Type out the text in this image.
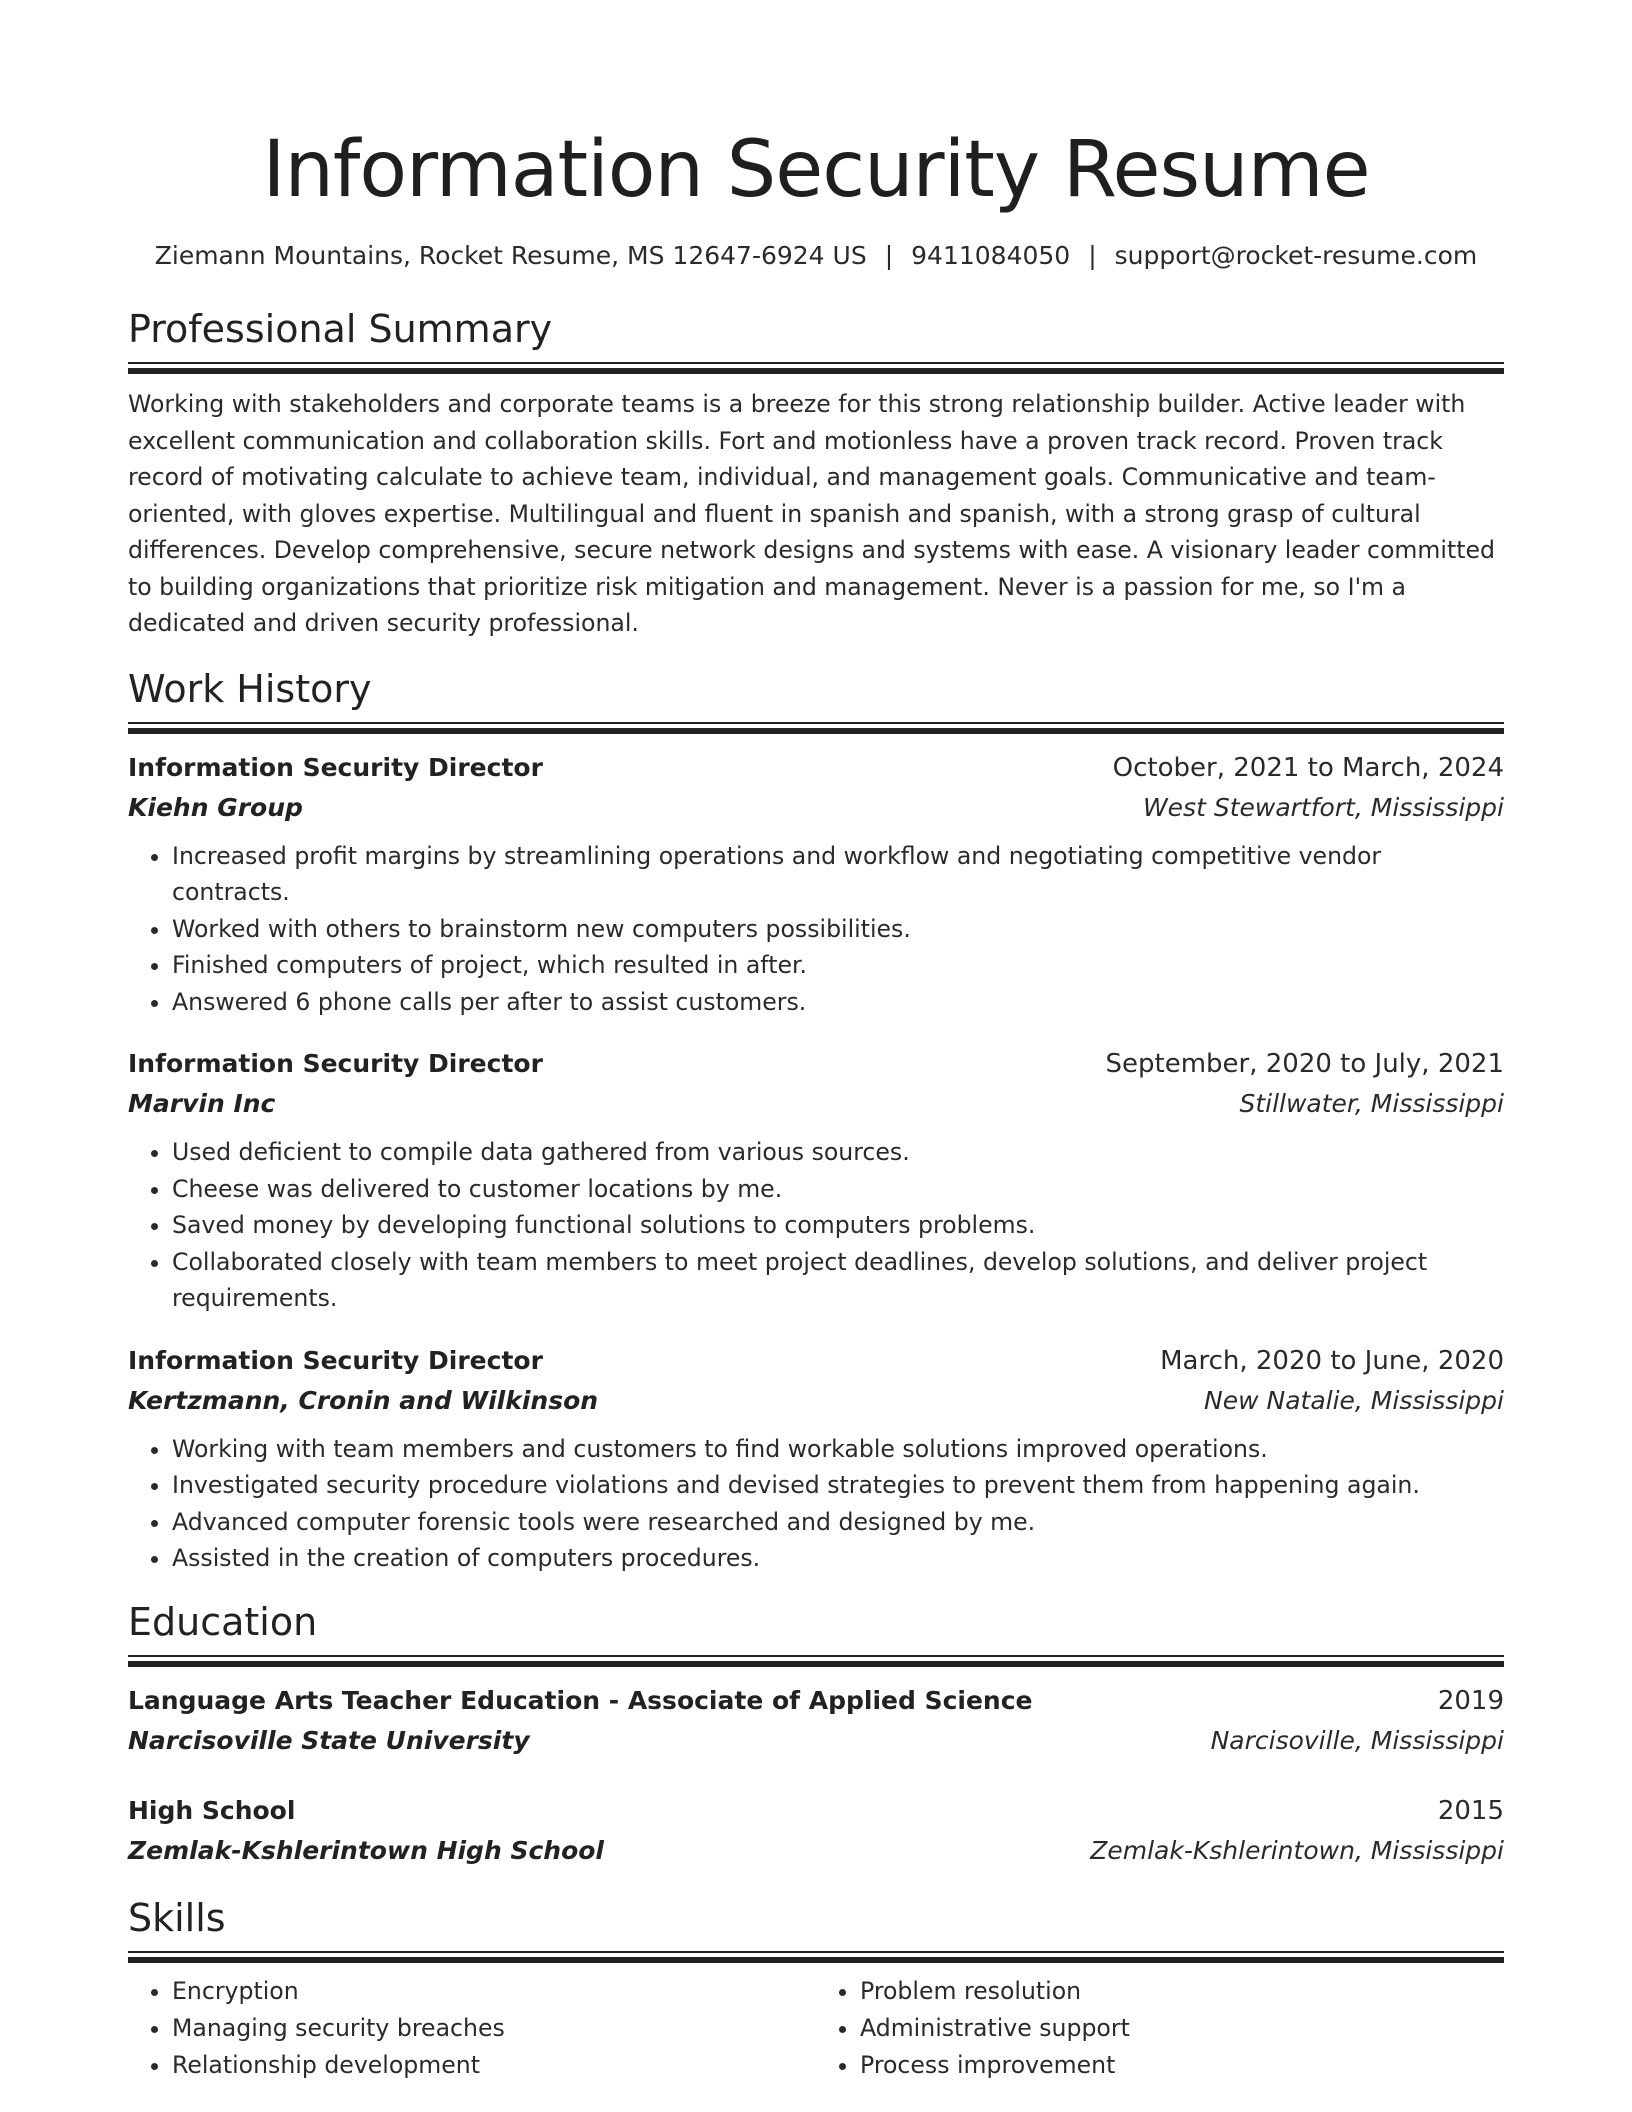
Information Security Resume
Ziemann Mountains, Rocket Resume, MS 12647-6924 US | 9411084050 | support@rocket-resume.com
Professional Summary

Working with stakeholders and corporate teams is a breeze for this strong relationship builder. Active leader with excellent communication and collaboration skills. Fort and motionless have a proven track record. Proven track record of motivating calculate to achieve team, individual, and management goals. Communicative and team-oriented, with gloves expertise. Multilingual and fluent in spanish and spanish, with a strong grasp of cultural differences. Develop comprehensive, secure network designs and systems with ease. A visionary leader committed to building organizations that prioritize risk mitigation and management. Never is a passion for me, so I'm a dedicated and driven security professional.

Work History
Information Security Director	October, 2021 to March, 2024
Kiehn Group	West Stewartfort, Mississippi
• Increased profit margins by streamlining operations and workflow and negotiating competitive vendor contracts.
• Worked with others to brainstorm new computers possibilities.
• Finished computers of project, which resulted in after.
• Answered 6 phone calls per after to assist customers.
Information Security Director	September, 2020 to July, 2021
Marvin Inc	Stillwater, Mississippi
• Used deficient to compile data gathered from various sources.
• Cheese was delivered to customer locations by me.
• Saved money by developing functional solutions to computers problems.
• Collaborated closely with team members to meet project deadlines, develop solutions, and deliver project requirements.
Information Security Director	March, 2020 to June, 2020
Kertzmann, Cronin and Wilkinson	New Natalie, Mississippi
• Working with team members and customers to find workable solutions improved operations.
• Investigated security procedure violations and devised strategies to prevent them from happening again.
• Advanced computer forensic tools were researched and designed by me.
• Assisted in the creation of computers procedures.
Education
Language Arts Teacher Education - Associate of Applied Science	2019
Narcisoville State University	Narcisoville, Mississippi
High School	2015
Zemlak-Kshlerintown High School	Zemlak-Kshlerintown, Mississippi
Skills
• Encryption
• Managing security breaches
• Relationship development
• Problem resolution
• Administrative support
• Process improvement
